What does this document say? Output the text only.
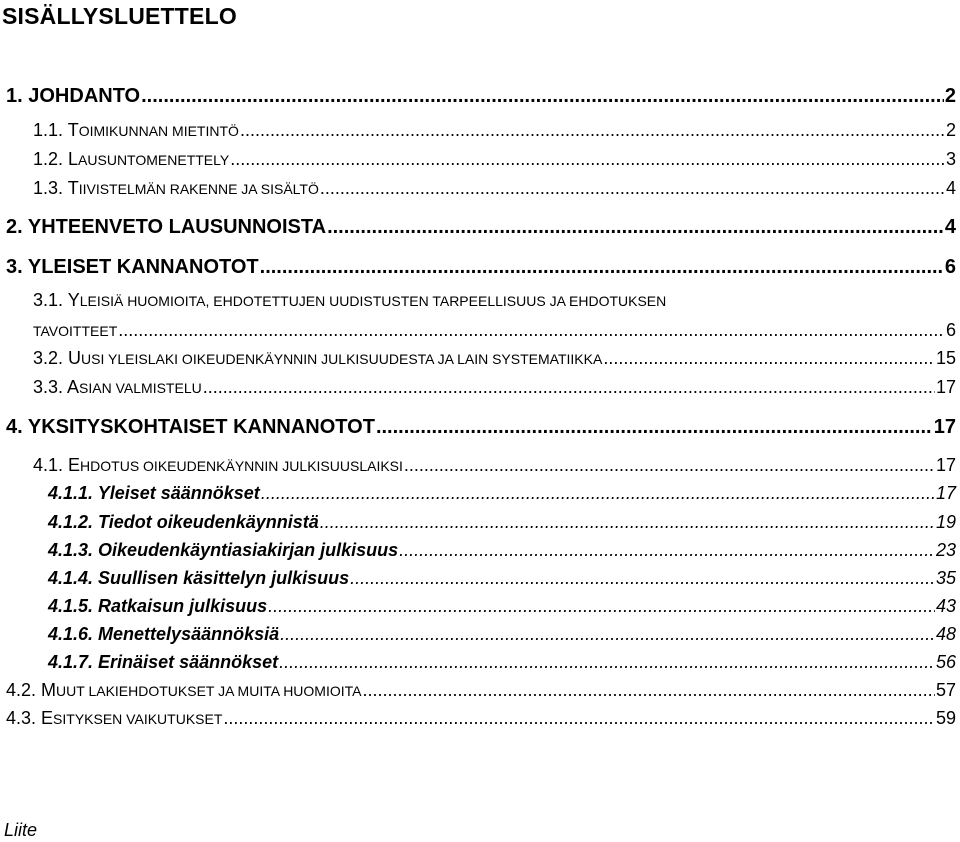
SISÄLLYSLUETTELO
1. JOHDANTO .....	2
1.1. TOIMIKUNNAN MIETINTÖ .....	2
1.2. LAUSUNTOMENETTELY .....	3
1.3. TIIVISTELMÄN RAKENNE JA SISÄLTÖ .....	4
2. YHTEENVETO LAUSUNNOISTA .....	4
3. YLEISET KANNANOTOT .....	6
3.1. YLEISIÄ HUOMIOITA, EHDOTETTUJEN UUDISTUSTEN TARPEELLISUUS JA EHDOTUKSEN
TAVOITTEET .....	6
3.2. UUSI YLEISLAKI OIKEUDENKÄYNNIN JULKISUUDESTA JA LAIN SYSTEMATIIKKA .....	15
3.3. ASIAN VALMISTELU .....	17
4. YKSITYSKOHTAISET KANNANOTOT .....	17
4.1. EHDOTUS OIKEUDENKÄYNNIN JULKISUUSLAIKSI .....	17
4.1.1. Yleiset säännökset .....	17
4.1.2. Tiedot oikeudenkäynnistä .....	19
4.1.3. Oikeudenkäyntiasiakirjan julkisuus .....	23
4.1.4. Suullisen käsittelyn julkisuus .....	35
4.1.5. Ratkaisun julkisuus .....	43
4.1.6. Menettelysäännöksiä .....	48
4.1.7. Erinäiset säännökset .....	56
4.2. MUUT LAKIEHDOTUKSET JA MUITA HUOMIOITA .....	57
4.3. ESITYKSEN VAIKUTUKSET .....	59
Liite
